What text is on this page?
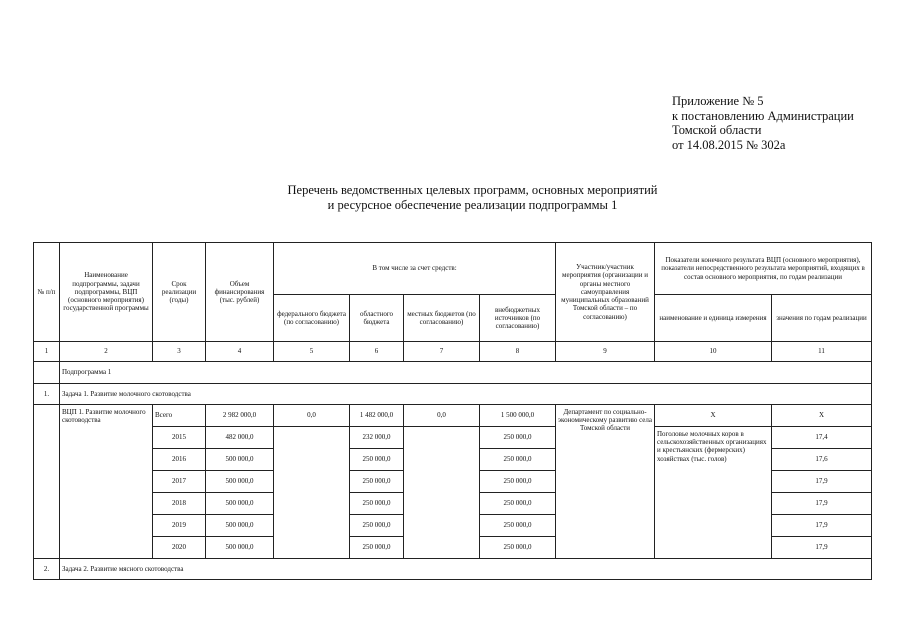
Приложение № 5
к постановлению Администрации
Томской области
от 14.08.2015 № 302а
Перечень ведомственных целевых программ, основных мероприятий
и ресурсное обеспечение реализации подпрограммы 1
№ п/п	Наименование подпрограммы, задачи подпрограммы, ВЦП (основного мероприятия) государственной программы	Срок реализации (годы)	Объем финансирования (тыс. рублей)	В том числе за счет средств:				Участник/участник мероприятия (организации и органы местного самоуправления муниципальных образований Томской области – по согласованию)	Показатели конечного результата ВЦП (основного мероприятия), показатели непосредственного результата мероприятий, входящих в состав основного мероприятия, по годам реализации	
				федерального бюджета (по согласованию)	областного бюджета	местных бюджетов (по согласованию)	внебюджетных источников (по согласованию)		наименование и единица измерения	значения по годам реализации
1	2	3	4	5	6	7	8	9	10	11
	Подпрограмма 1									
1.	Задача 1. Развитие молочного скотоводства									
	ВЦП 1. Развитие молочного скотоводства	Всего	2 982 000,0	0,0	1 482 000,0	0,0	1 500 000,0	Департамент по социально-экономическому развитию села Томской области	Х	Х
		2015	482 000,0		232 000,0		250 000,0		Поголовье молочных коров в сельскохозяйственных организациях и крестьянских (фермерских) хозяйствах (тыс. голов)	17,4
		2016	500 000,0		250 000,0		250 000,0			17,6
		2017	500 000,0		250 000,0		250 000,0			17,9
		2018	500 000,0		250 000,0		250 000,0			17,9
		2019	500 000,0		250 000,0		250 000,0			17,9
		2020	500 000,0		250 000,0		250 000,0			17,9
2.	Задача 2. Развитие мясного скотоводства									
